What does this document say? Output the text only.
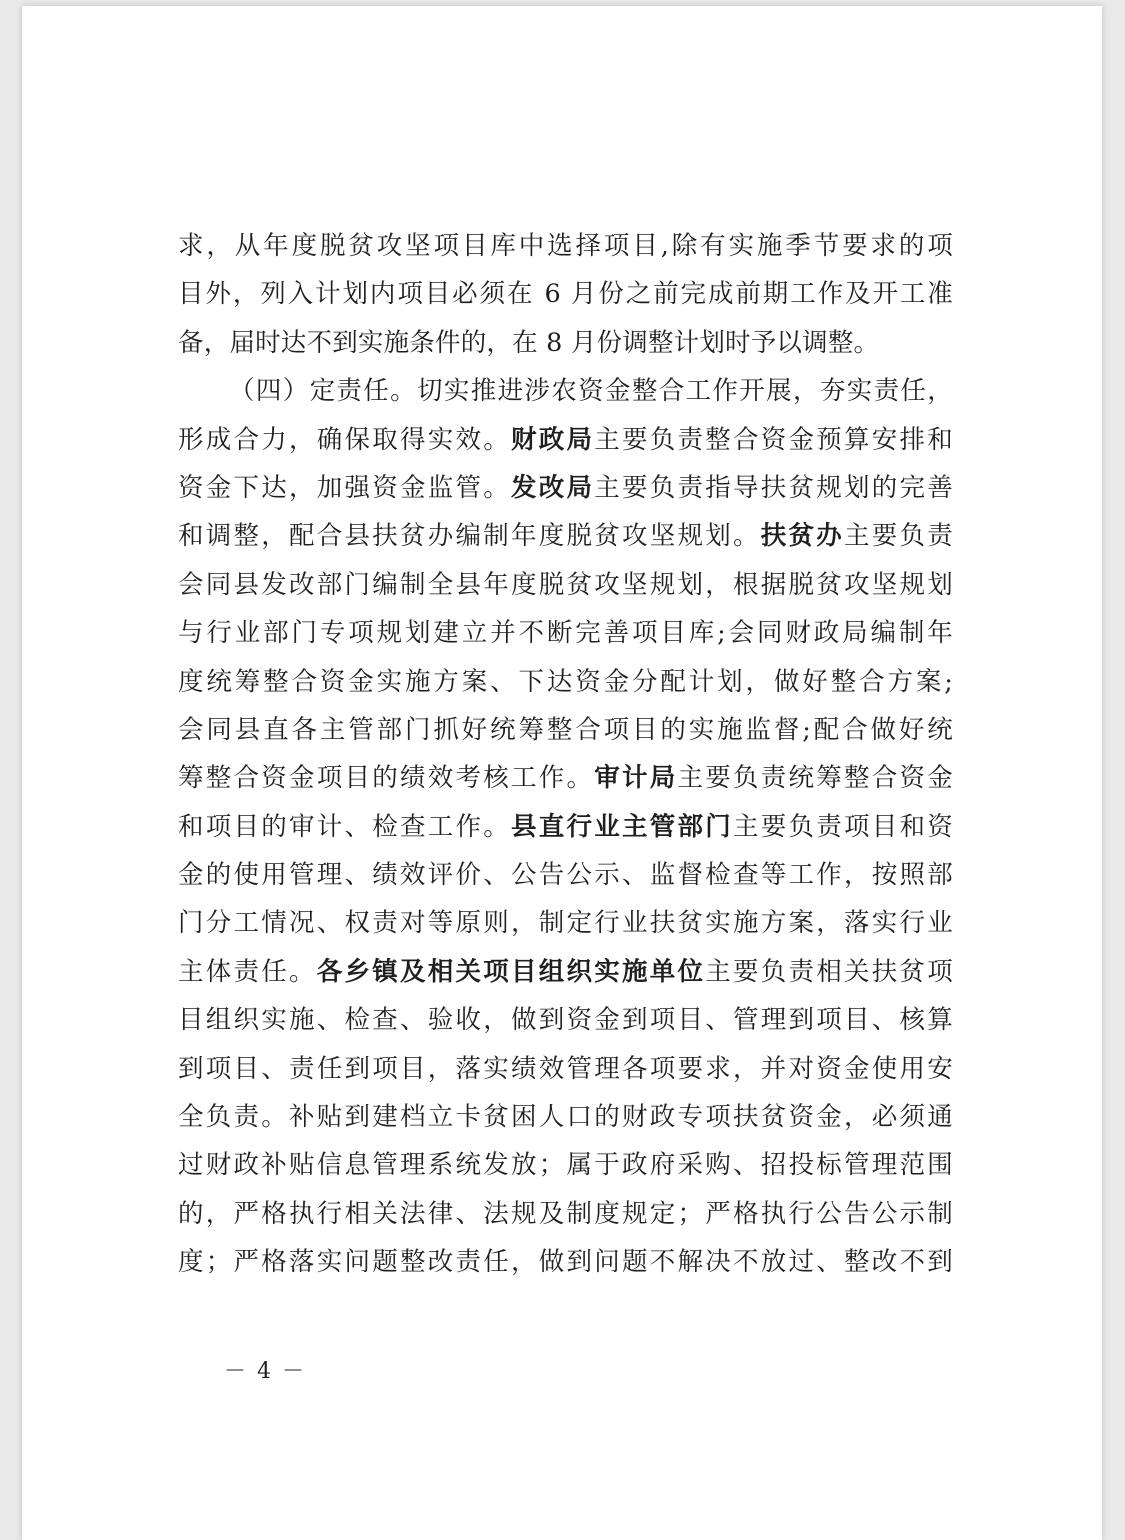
求，从年度脱贫攻坚项目库中选择项目,除有实施季节要求的项
目外，列入计划内项目必须在 6 月份之前完成前期工作及开工准
备，届时达不到实施条件的，在 8 月份调整计划时予以调整。
（四）定责任。切实推进涉农资金整合工作开展，夯实责任，
形成合力，确保取得实效。财政局主要负责整合资金预算安排和
资金下达，加强资金监管。发改局主要负责指导扶贫规划的完善
和调整，配合县扶贫办编制年度脱贫攻坚规划。扶贫办主要负责
会同县发改部门编制全县年度脱贫攻坚规划，根据脱贫攻坚规划
与行业部门专项规划建立并不断完善项目库;会同财政局编制年
度统筹整合资金实施方案、下达资金分配计划，做好整合方案;
会同县直各主管部门抓好统筹整合项目的实施监督;配合做好统
筹整合资金项目的绩效考核工作。审计局主要负责统筹整合资金
和项目的审计、检查工作。县直行业主管部门主要负责项目和资
金的使用管理、绩效评价、公告公示、监督检查等工作，按照部
门分工情况、权责对等原则，制定行业扶贫实施方案，落实行业
主体责任。各乡镇及相关项目组织实施单位主要负责相关扶贫项
目组织实施、检查、验收，做到资金到项目、管理到项目、核算
到项目、责任到项目，落实绩效管理各项要求，并对资金使用安
全负责。补贴到建档立卡贫困人口的财政专项扶贫资金，必须通
过财政补贴信息管理系统发放；属于政府采购、招投标管理范围
的，严格执行相关法律、法规及制度规定；严格执行公告公示制
度；严格落实问题整改责任，做到问题不解决不放过、整改不到
－ 4 －
